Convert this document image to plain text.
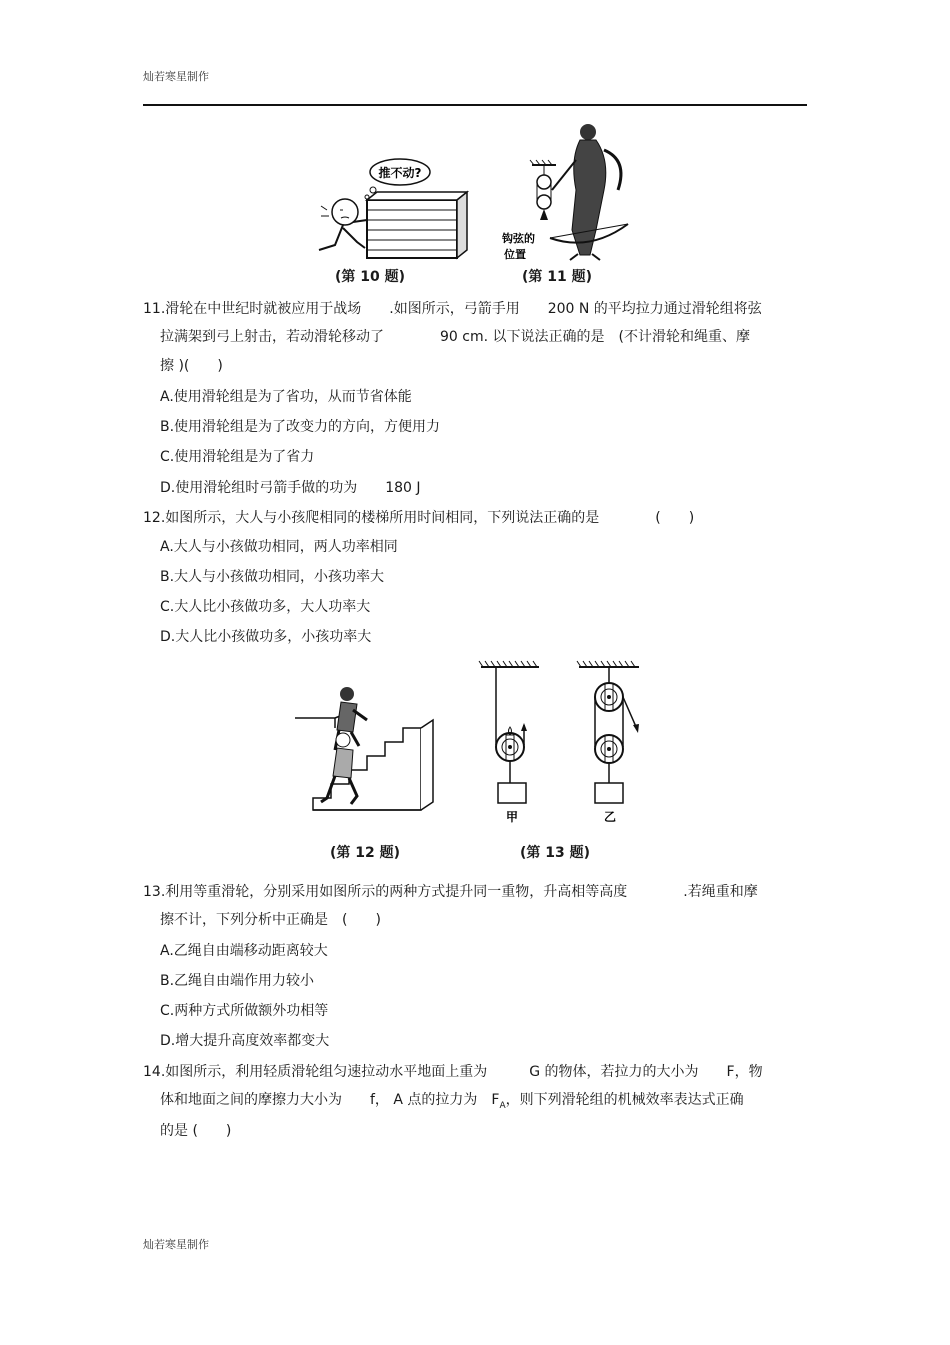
灿若寒星制作
推不动?
(第 10 题)
钩弦的
位置
(第 11 题)
11.滑轮在中世纪时就被应用于战场　　.如图所示，弓箭手用　　200 N 的平均拉力通过滑轮组将弦
拉满架到弓上射击，若动滑轮移动了　　　　90 cm. 以下说法正确的是　(不计滑轮和绳重、摩
擦 )(　　)
A.使用滑轮组是为了省功，从而节省体能
B.使用滑轮组是为了改变力的方向，方便用力
C.使用滑轮组是为了省力
D.使用滑轮组时弓箭手做的功为　　180 J
12.如图所示，大人与小孩爬相同的楼梯所用时间相同，下列说法正确的是　　　　(　　)
A.大人与小孩做功相同，两人功率相同
B.大人与小孩做功相同，小孩功率大
C.大人比小孩做功多，大人功率大
D.大人比小孩做功多，小孩功率大
(第 12 题)
甲	乙
(第 13 题)
13.利用等重滑轮，分别采用如图所示的两种方式提升同一重物，升高相等高度　　　　.若绳重和摩
擦不计，下列分析中正确是　(　　)
A.乙绳自由端移动距离较大
B.乙绳自由端作用力较小
C.两种方式所做额外功相等
D.增大提升高度效率都变大
14.如图所示，利用轻质滑轮组匀速拉动水平地面上重为　　　G 的物体，若拉力的大小为　　F，物
体和地面之间的摩擦力大小为　　f， A 点的拉力为　$F_A$，则下列滑轮组的机械效率表达式正确
的是 (　　)
灿若寒星制作
